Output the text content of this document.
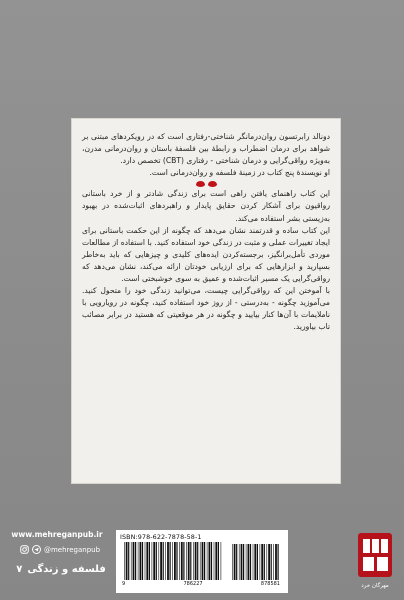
دونالد رابرتسون روان‌درمانگر شناختی-رفتاری است که در رویکردهای مبتنی بر شواهد برای درمان اضطراب و رابطهٔ بین فلسفهٔ باستان و روان‌درمانی مدرن، به‌ویژه رواقی‌گرایی و درمان شناختی - رفتاری (CBT) تخصص دارد.

او نویسندهٔ پنج کتاب در زمینهٔ فلسفه و روان‌درمانی است.

این کتاب راهنمای یافتن راهی است برای زندگی شادتر و از خرد باستانی رواقیون برای آشکار کردن حقایق پایدار و راهبردهای اثبات‌شده در بهبود به‌زیستی بشر استفاده می‌کند.

این کتاب ساده و قدرتمند نشان می‌دهد که چگونه از این حکمت باستانی برای ایجاد تغییرات عملی و مثبت در زندگی خود استفاده کنید. با استفاده از مطالعات موردی تأمل‌برانگیز، برجسته‌کردن ایده‌های کلیدی و چیزهایی که باید به‌خاطر بسپارید و ابزارهایی که برای ارزیابی خودتان ارائه می‌کند، نشان می‌دهد که رواقی‌گرایی یک مسیر اثبات‌شده و عمیق به سوی خوشبختی است.

با آموختن این که رواقی‌گرایی چیست، می‌توانید زندگی خود را متحول کنید. می‌آموزید چگونه - به‌درستی - از روز خود استفاده کنید، چگونه در رویارویی با ناملایمات با آن‌ها کنار بیایید و چگونه در هر موقعیتی که هستید در برابر مصائب تاب بیاورید.

www.mehreganpub.ir
@mehreganpub
فلسفه و زندگی
۷
ISBN:978-622-7878-58-1
9	786227	878581	مهرگان خرد
